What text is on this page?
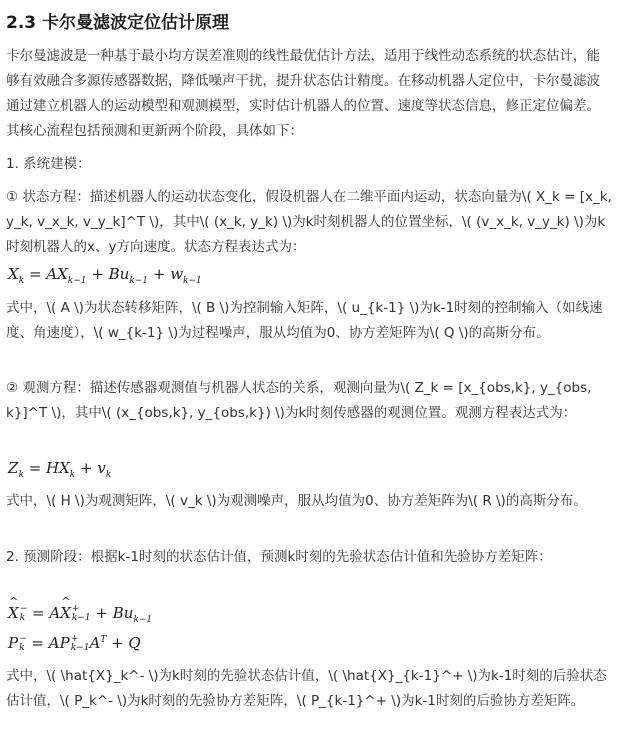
2.3 卡尔曼滤波定位估计原理

卡尔曼滤波是一种基于最小均方误差准则的线性最优估计方法，适用于线性动态系统的状态估计，能够有效融合多源传感器数据，降低噪声干扰，提升状态估计精度。在移动机器人定位中，卡尔曼滤波通过建立机器人的运动模型和观测模型，实时估计机器人的位置、速度等状态信息，修正定位偏差。其核心流程包括预测和更新两个阶段，具体如下：

1. 系统建模：

① 状态方程：描述机器人的运动状态变化，假设机器人在二维平面内运动，状态向量为\( X_k = [x_k, y_k, v_x_k, v_y_k]^T \)，其中\( (x_k, y_k) \)为k时刻机器人的位置坐标，\( (v_x_k, v_y_k) \)为k时刻机器人的x、y方向速度。状态方程表达式为：

$X_k = AX_{k-1} + Bu_{k-1} + w_{k-1}$

式中，\( A \)为状态转移矩阵，\( B \)为控制输入矩阵，\( u_{k-1} \)为k-1时刻的控制输入（如线速度、角速度），\( w_{k-1} \)为过程噪声，服从均值为0、协方差矩阵为\( Q \)的高斯分布。

② 观测方程：描述传感器观测值与机器人状态的关系，观测向量为\( Z_k = [x_{obs,k}, y_{obs,k}]^T \)，其中\( (x_{obs,k}, y_{obs,k}) \)为k时刻传感器的观测位置。观测方程表达式为：

$Z_k = HX_k + v_k$

式中，\( H \)为观测矩阵，\( v_k \)为观测噪声，服从均值为0、协方差矩阵为\( R \)的高斯分布。

2. 预测阶段：根据k-1时刻的状态估计值，预测k时刻的先验状态估计值和先验协方差矩阵：

^ X −
k = A^ X +
$k-1 + Bu_{k-1}$
P −
k = AP +
k−1 $A^T + Q$

式中，\( \hat{X}_k^- \)为k时刻的先验状态估计值，\( \hat{X}_{k-1}^+ \)为k-1时刻的后验状态估计值，\( P_k^- \)为k时刻的先验协方差矩阵，\( P_{k-1}^+ \)为k-1时刻的后验协方差矩阵。
